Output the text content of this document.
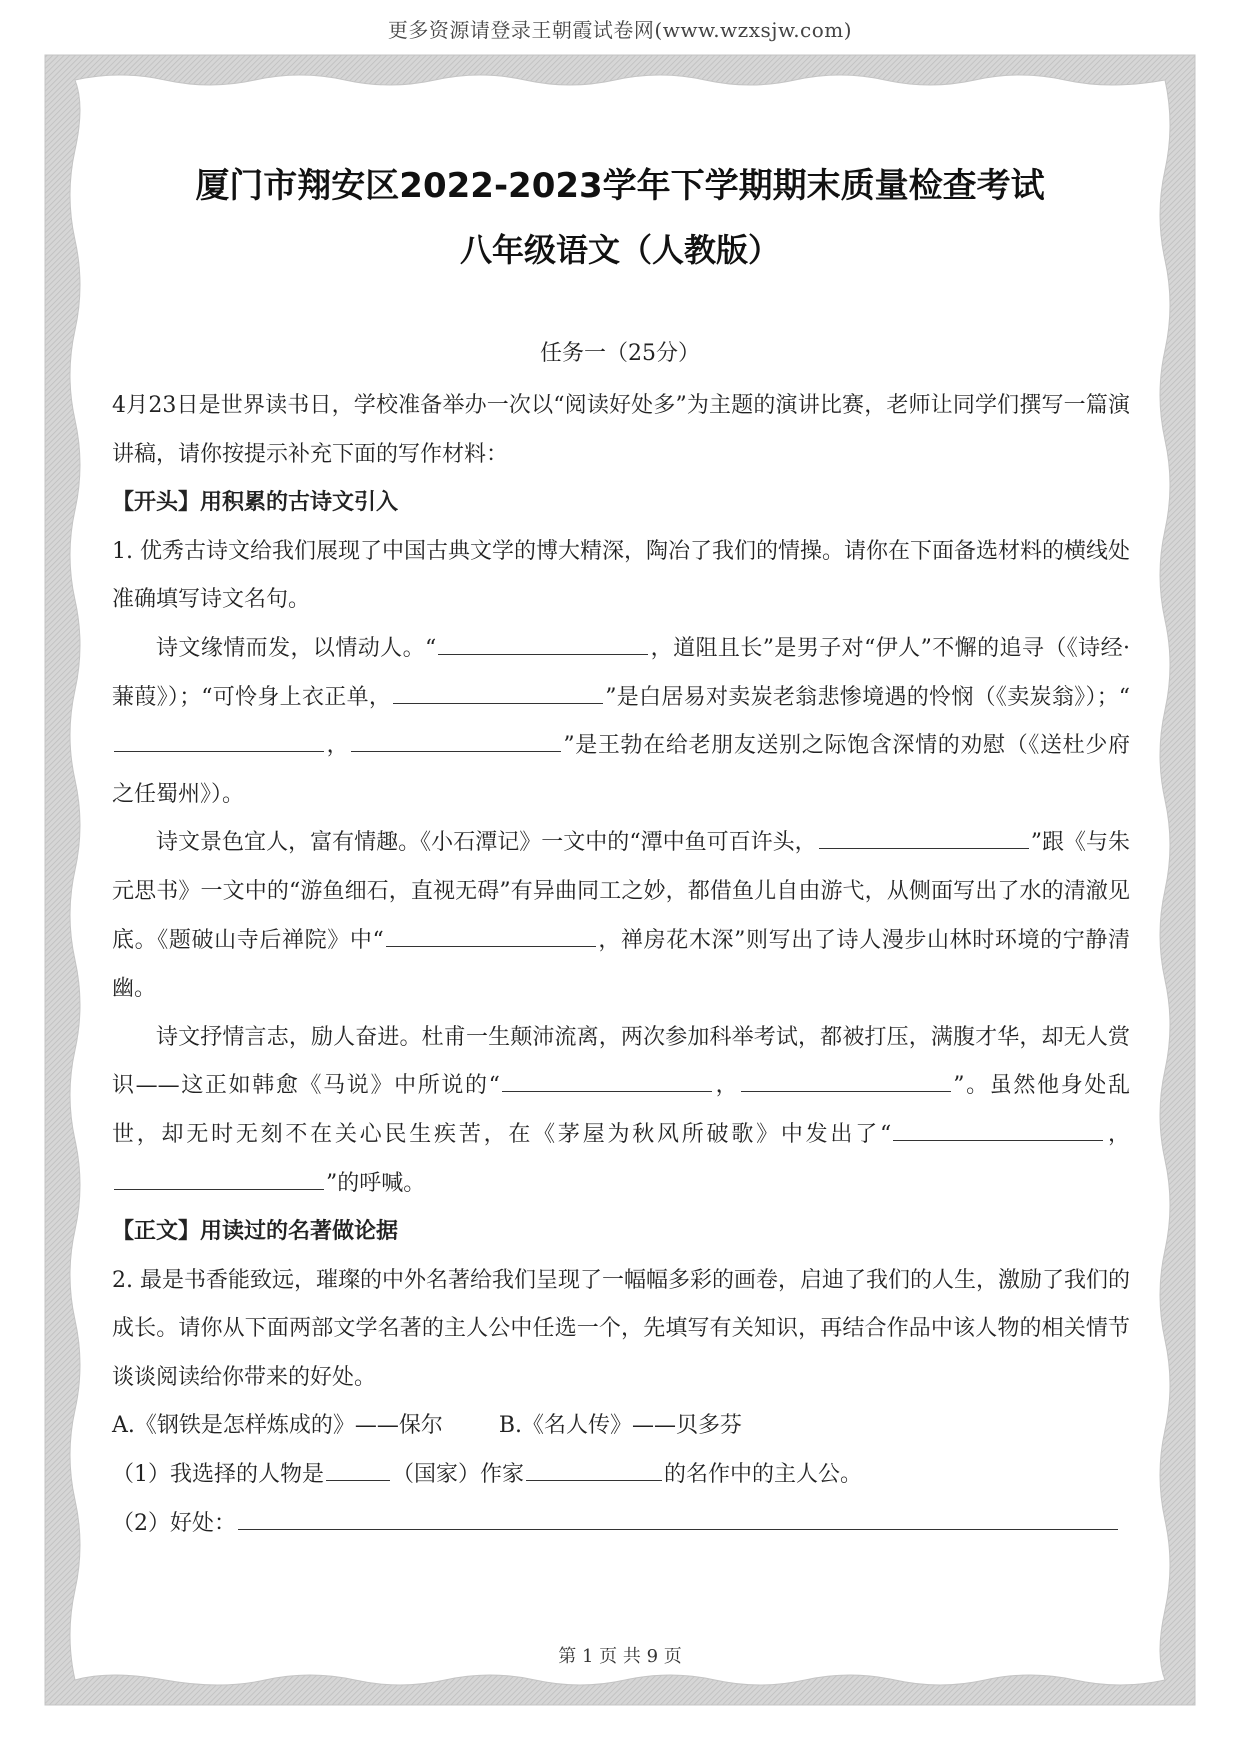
更多资源请登录王朝霞试卷网(www.wzxsjw.com)
厦门市翔安区2022-2023学年下学期期末质量检查考试
八年级语文（人教版）
任务一（25分）

4月23日是世界读书日，学校准备举办一次以“阅读好处多”为主题的演讲比赛，老师让同学们撰写一篇演讲稿，请你按提示补充下面的写作材料：

【开头】用积累的古诗文引入

1. 优秀古诗文给我们展现了中国古典文学的博大精深，陶冶了我们的情操。请你在下面备选材料的横线处准确填写诗文名句。

诗文缘情而发，以情动人。“	，道阻且长”是男子对“伊人”不懈的追寻（《诗经·蒹葭》）；“可怜身上衣正单，	”是白居易对卖炭老翁悲惨境遇的怜悯（《卖炭翁》）；“，	”是王勃在给老朋友送别之际饱含深情的劝慰（《送杜少府之任蜀州》）。

诗文景色宜人，富有情趣。《小石潭记》一文中的“潭中鱼可百许头，	”跟《与朱元思书》一文中的“游鱼细石，直视无碍”有异曲同工之妙，都借鱼儿自由游弋，从侧面写出了水的清澈见底。《题破山寺后禅院》中“	，禅房花木深”则写出了诗人漫步山林时环境的宁静清幽。

诗文抒情言志，励人奋进。杜甫一生颠沛流离，两次参加科举考试，都被打压，满腹才华，却无人赏识——这正如韩愈《马说》中所说的“	，	”。虽然他身处乱世，却无时无刻不在关心民生疾苦，在《茅屋为秋风所破歌》中发出了“	，”的呼喊。

【正文】用读过的名著做论据

2. 最是书香能致远，璀璨的中外名著给我们呈现了一幅幅多彩的画卷，启迪了我们的人生，激励了我们的成长。请你从下面两部文学名著的主人公中任选一个，先填写有关知识，再结合作品中该人物的相关情节谈谈阅读给你带来的好处。

A.《钢铁是怎样炼成的》——保尔	B.《名人传》——贝多芬

（1）我选择的人物是	（国家）作家	的名作中的主人公。

（2）好处：

第 1 页 共 9 页
